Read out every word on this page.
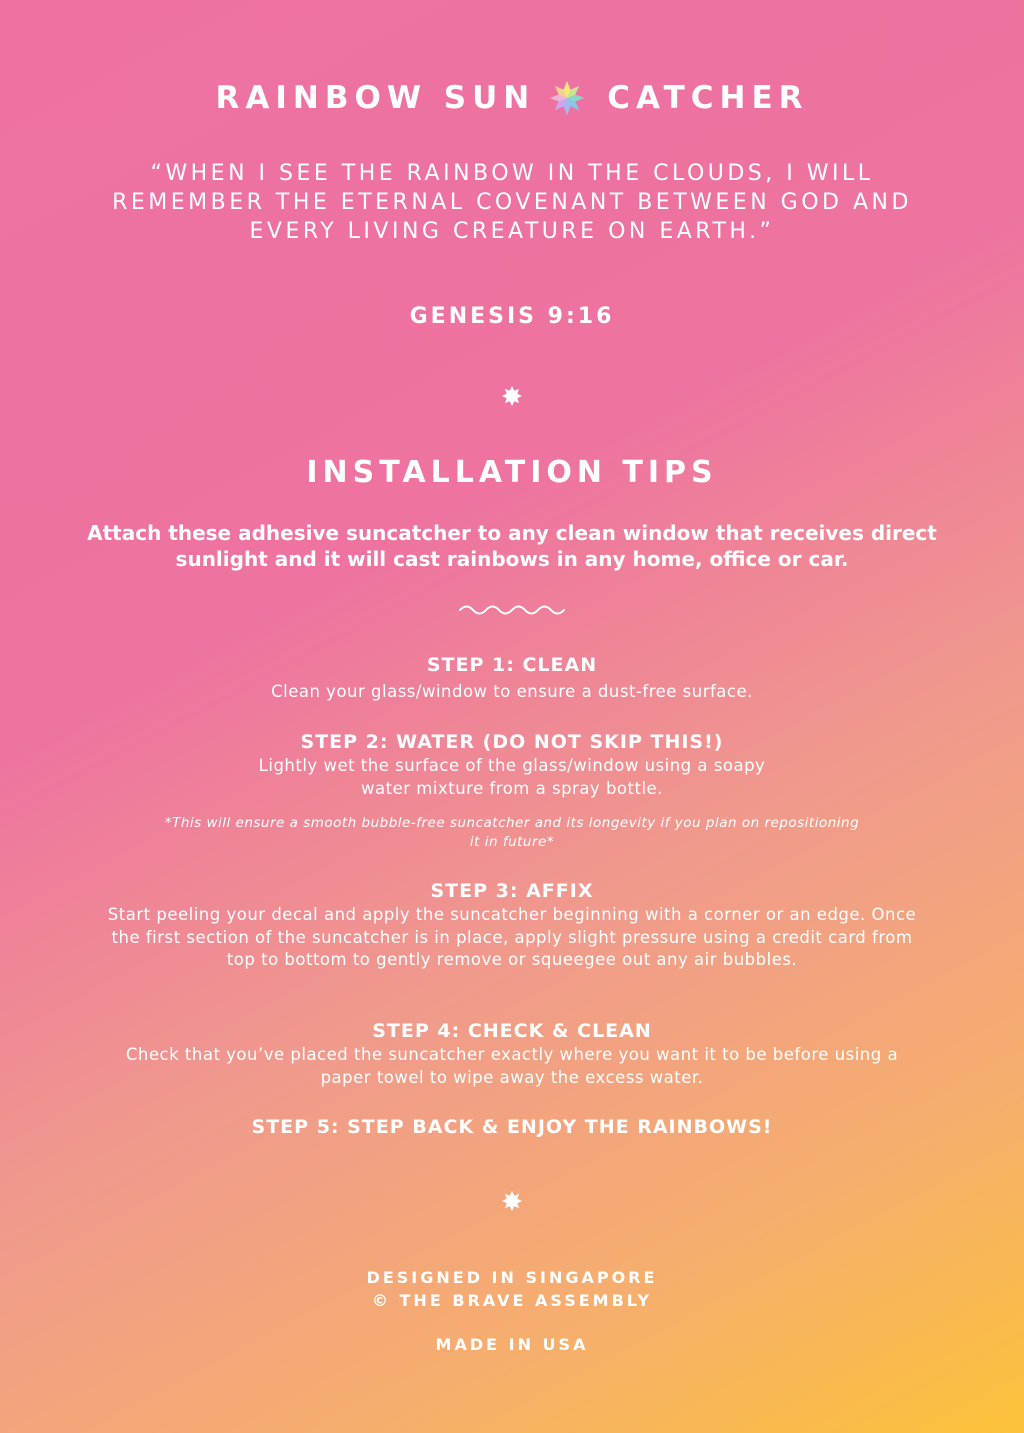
RAINBOW SUN CATCHER
“WHEN I SEE THE RAINBOW IN THE CLOUDS, I WILL REMEMBER THE ETERNAL COVENANT BETWEEN GOD AND EVERY LIVING CREATURE ON EARTH.”
GENESIS 9:16
INSTALLATION TIPS
Attach these adhesive suncatcher to any clean window that receives direct sunlight and it will cast rainbows in any home, office or car.
STEP 1: CLEAN
Clean your glass/window to ensure a dust-free surface.
STEP 2: WATER (DO NOT SKIP THIS!)
Lightly wet the surface of the glass/window using a soapy water mixture from a spray bottle.
*This will ensure a smooth bubble-free suncatcher and its longevity if you plan on repositioning it in future*
STEP 3: AFFIX
Start peeling your decal and apply the suncatcher beginning with a corner or an edge. Once the first section of the suncatcher is in place, apply slight pressure using a credit card from top to bottom to gently remove or squeegee out any air bubbles.
STEP 4: CHECK & CLEAN
Check that you’ve placed the suncatcher exactly where you want it to be before using a paper towel to wipe away the excess water.
STEP 5: STEP BACK & ENJOY THE RAINBOWS!
DESIGNED IN SINGAPORE
© THE BRAVE ASSEMBLY
MADE IN USA
